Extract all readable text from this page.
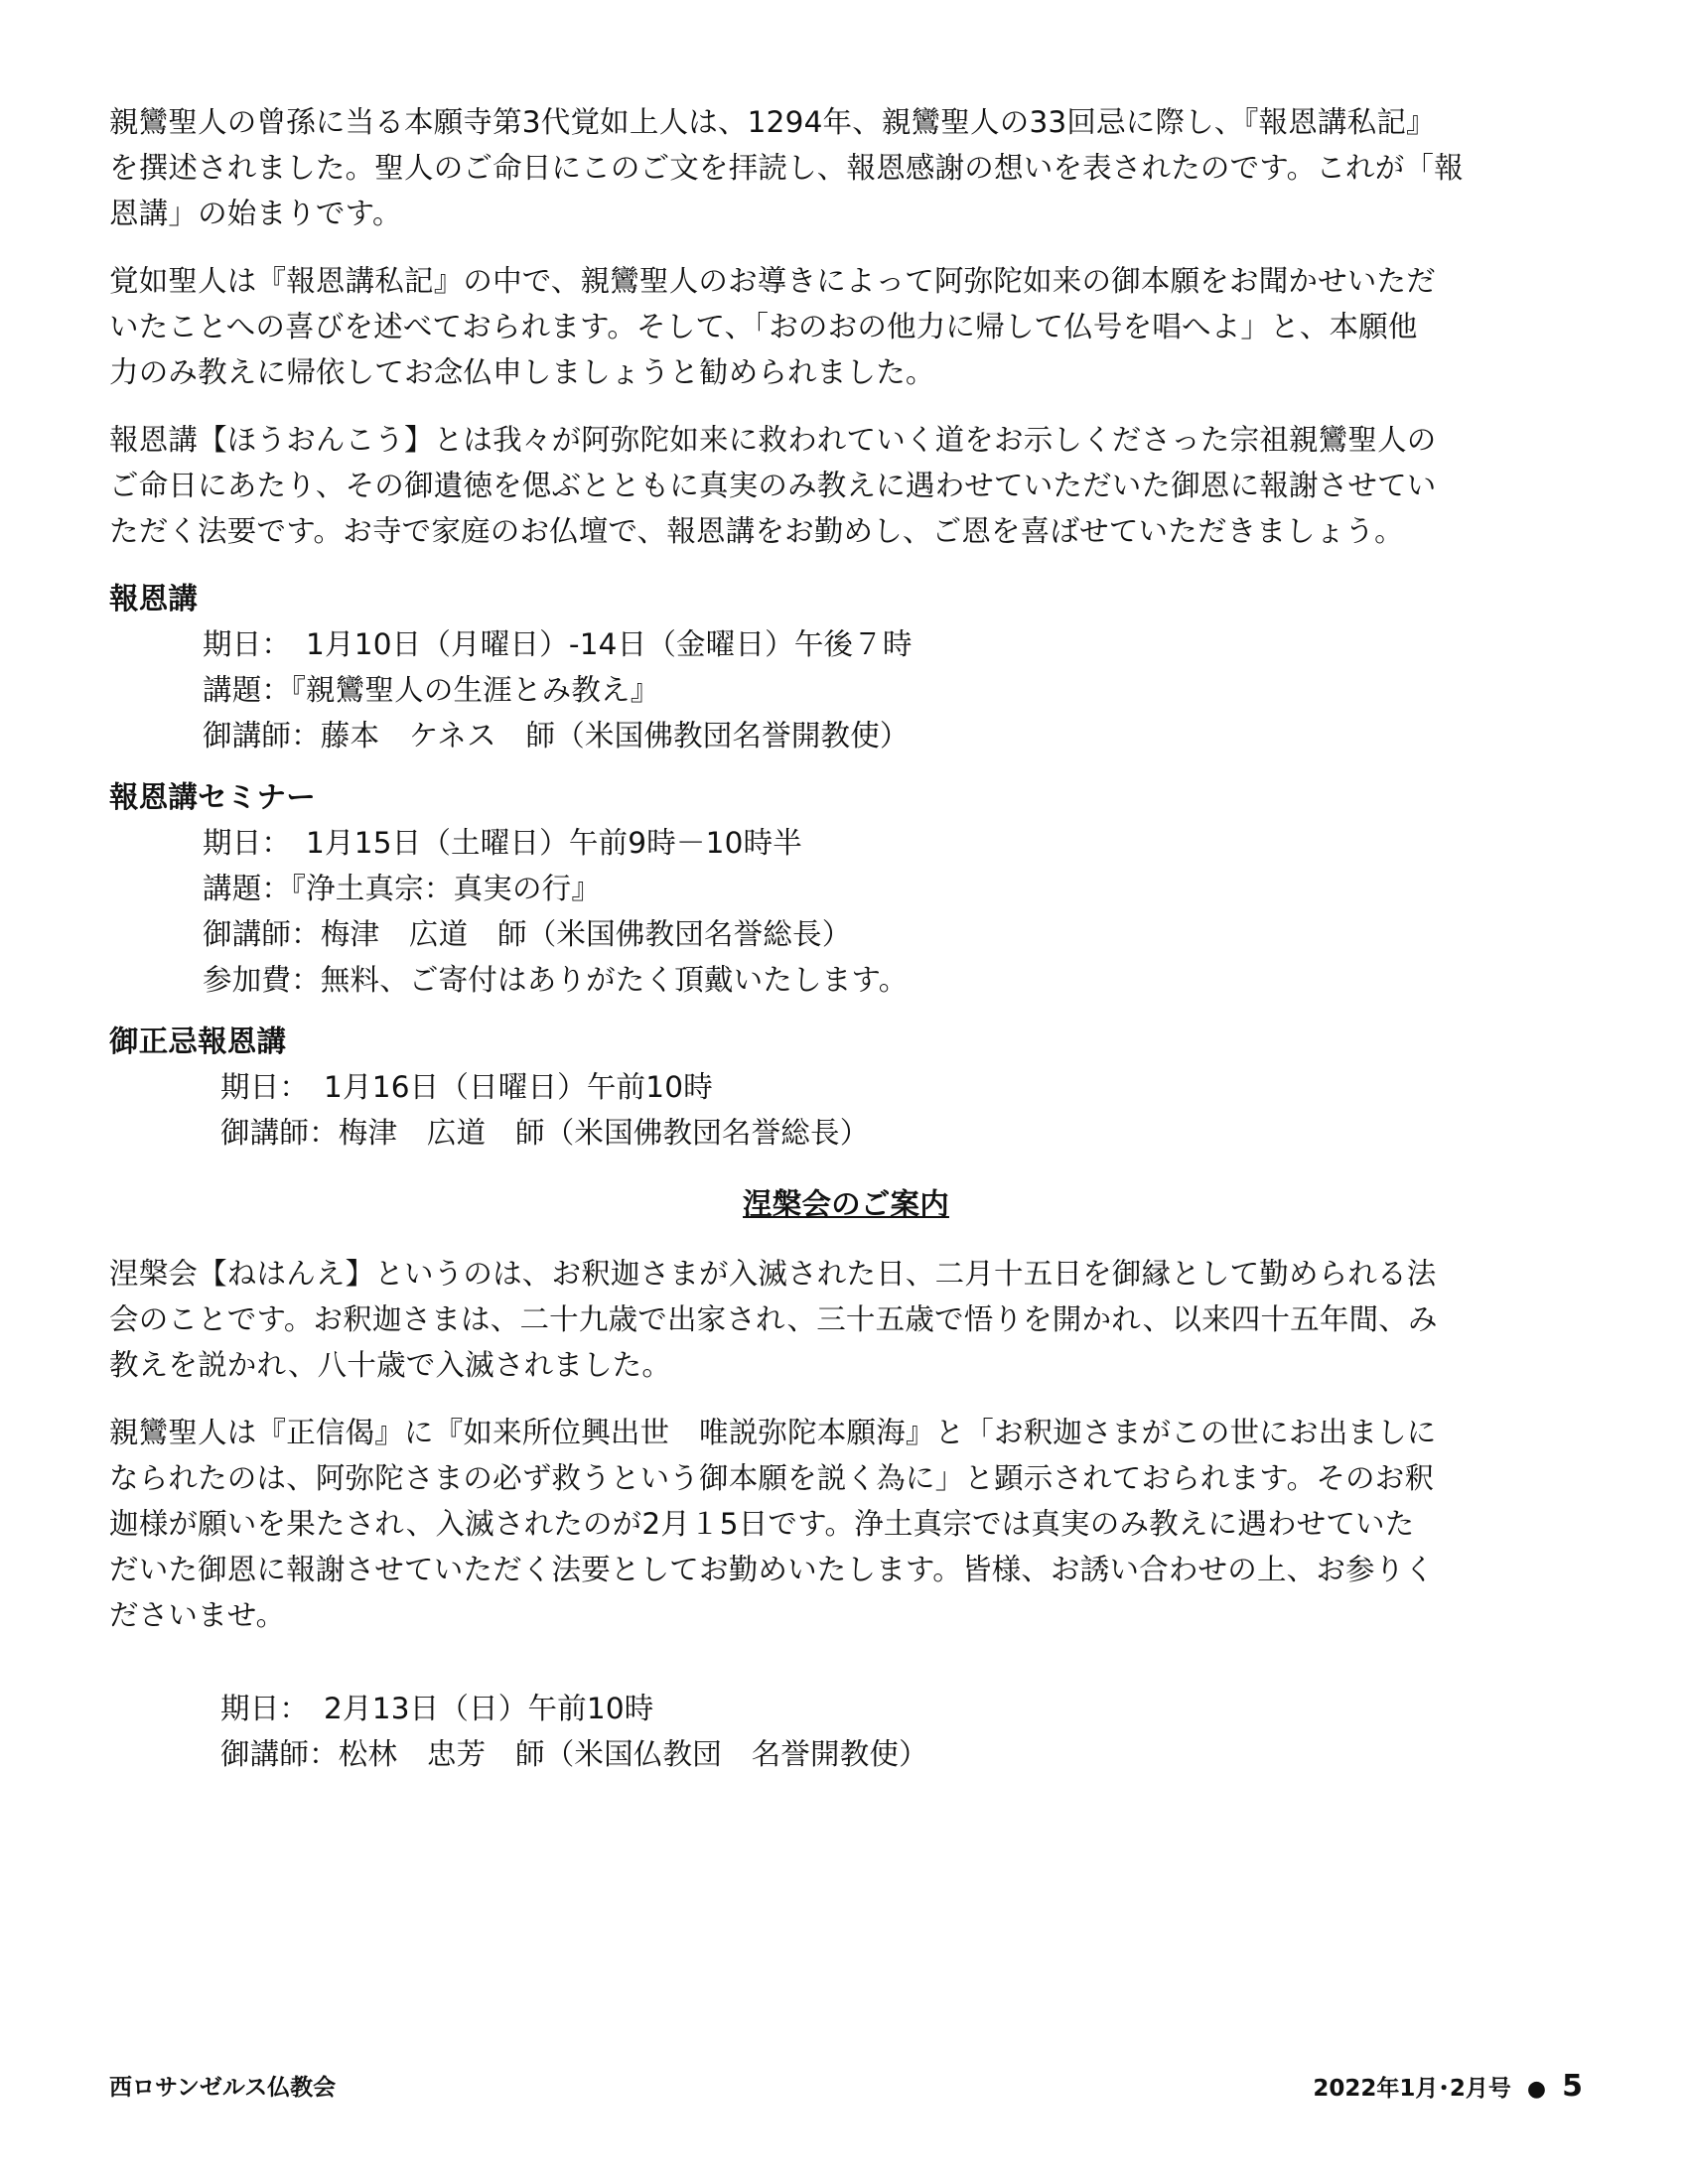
親鸞聖人の曾孫に当る本願寺第3代覚如上人は、1294年、親鸞聖人の33回忌に際し、『報恩講私記』
を撰述されました。聖人のご命日にこのご文を拝読し、報恩感謝の想いを表されたのです。これが「報
恩講」の始まりです。

覚如聖人は『報恩講私記』の中で、親鸞聖人のお導きによって阿弥陀如来の御本願をお聞かせいただ
いたことへの喜びを述べておられます。そして、「おのおの他力に帰して仏号を唱へよ」と、本願他
力のみ教えに帰依してお念仏申しましょうと勧められました。

報恩講【ほうおんこう】とは我々が阿弥陀如来に救われていく道をお示しくださった宗祖親鸞聖人の
ご命日にあたり、その御遺徳を偲ぶとともに真実のみ教えに遇わせていただいた御恩に報謝させてい
ただく法要です。お寺で家庭のお仏壇で、報恩講をお勤めし、ご恩を喜ばせていただきましょう。

報恩講
期日：　1月10日（月曜日）-14日（金曜日）午後７時
講題：『親鸞聖人の生涯とみ教え』
御講師：藤本　ケネス　師（米国佛教団名誉開教使）
報恩講セミナー
期日：　1月15日（土曜日）午前9時－10時半
講題：『浄土真宗：真実の行』
御講師：梅津　広道　師（米国佛教団名誉総長）
参加費：無料、ご寄付はありがたく頂戴いたします。
御正忌報恩講
期日：　1月16日（日曜日）午前10時
御講師：梅津　広道　師（米国佛教団名誉総長）
涅槃会のご案内

涅槃会【ねはんえ】というのは、お釈迦さまが入滅された日、二月十五日を御縁として勤められる法
会のことです。お釈迦さまは、二十九歳で出家され、三十五歳で悟りを開かれ、以来四十五年間、み
教えを説かれ、八十歳で入滅されました。

親鸞聖人は『正信偈』に『如来所位興出世　唯説弥陀本願海』と「お釈迦さまがこの世にお出ましに
なられたのは、阿弥陀さまの必ず救うという御本願を説く為に」と顕示されておられます。そのお釈
迦様が願いを果たされ、入滅されたのが2月１5日です。浄土真宗では真実のみ教えに遇わせていた
だいた御恩に報謝させていただく法要としてお勤めいたします。皆様、お誘い合わせの上、お参りく
ださいませ。

期日：　2月13日（日）午前10時
御講師：松林　忠芳　師（米国仏教団　名誉開教使）
西ロサンゼルス仏教会	2022年1月･2月号 ● 5
